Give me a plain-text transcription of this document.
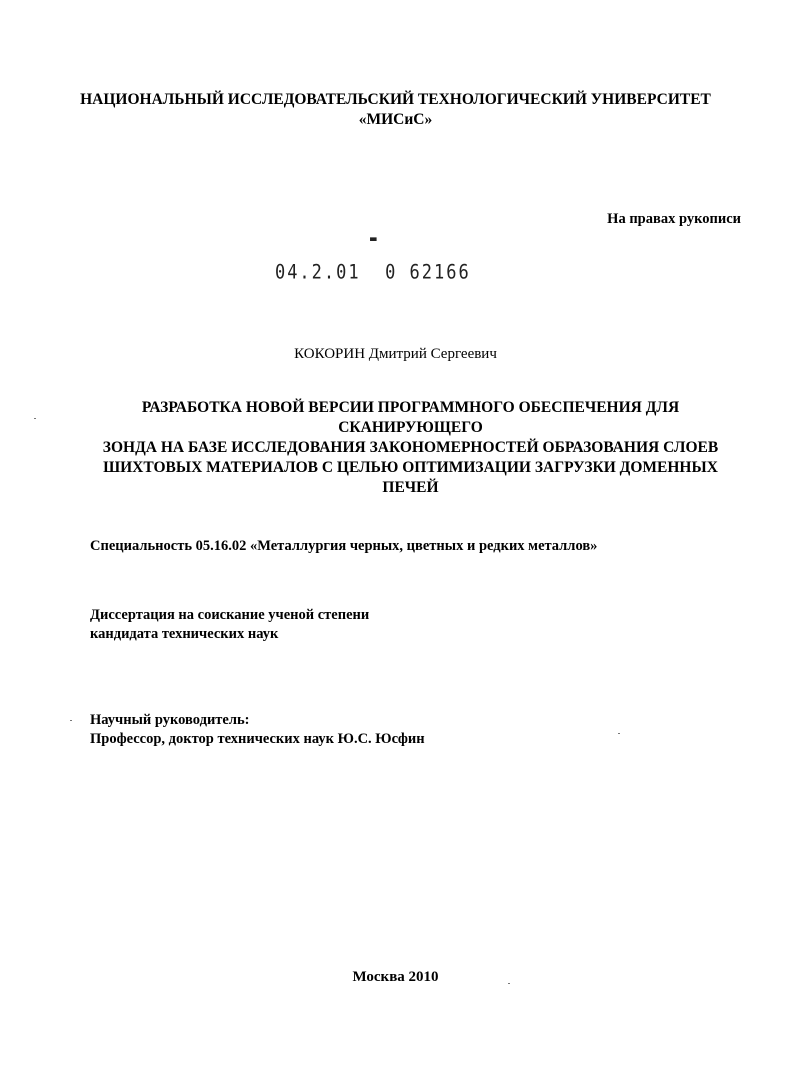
НАЦИОНАЛЬНЫЙ ИССЛЕДОВАТЕЛЬСКИЙ ТЕХНОЛОГИЧЕСКИЙ УНИВЕРСИТЕТ
«МИСиС»
На правах рукописи

04.2.01  0 62166

▬

КОКОРИН Дмитрий Сергеевич
РАЗРАБОТКА НОВОЙ ВЕРСИИ ПРОГРАММНОГО ОБЕСПЕЧЕНИЯ ДЛЯ СКАНИРУЮЩЕГО
ЗОНДА НА БАЗЕ ИССЛЕДОВАНИЯ ЗАКОНОМЕРНОСТЕЙ ОБРАЗОВАНИЯ СЛОЕВ
ШИХТОВЫХ МАТЕРИАЛОВ С ЦЕЛЬЮ ОПТИМИЗАЦИИ ЗАГРУЗКИ ДОМЕННЫХ ПЕЧЕЙ
Специальность 05.16.02 «Металлургия черных, цветных и редких металлов»
Диссертация на соискание ученой степени
кандидата технических наук
Научный руководитель:
Профессор, доктор технических наук Ю.С. Юсфин
Москва 2010
